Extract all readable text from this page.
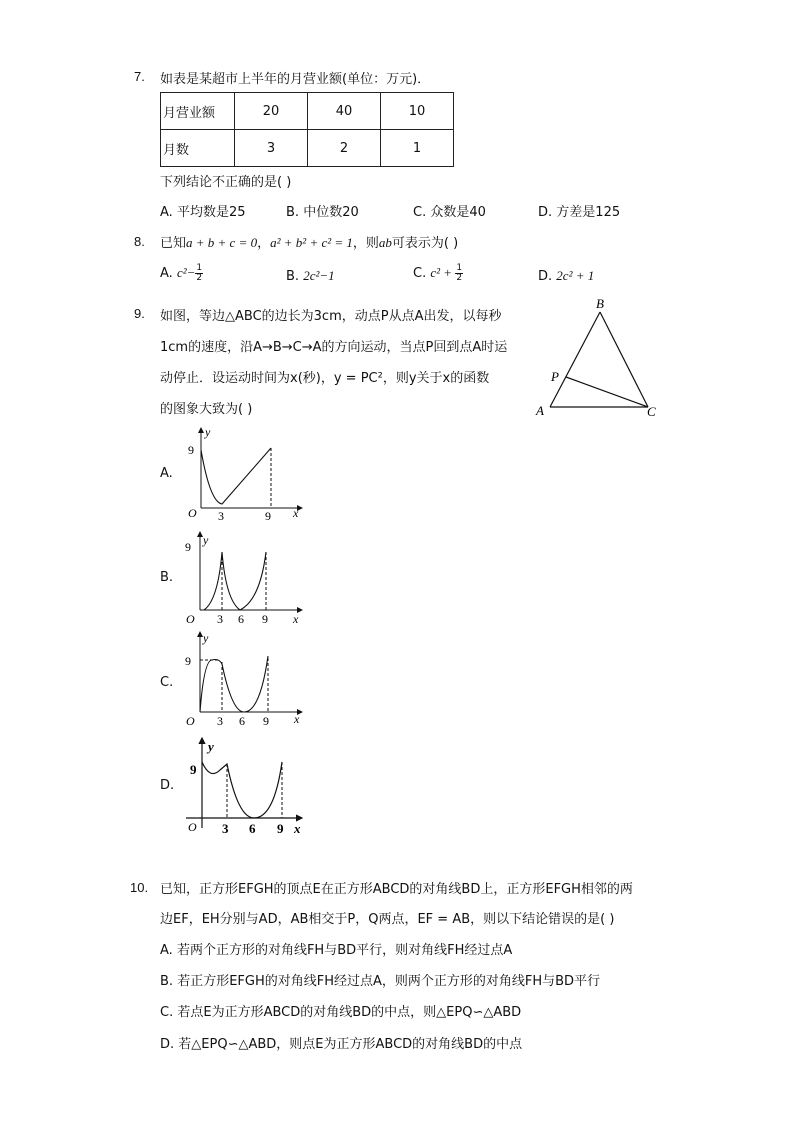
7. 如表是某超市上半年的月营业额(单位：万元)．
月营业额	20	40	10
月数	3	2	1
下列结论不正确的是( )
A. 平均数是25	B. 中位数20	C. 众数是40	D. 方差是125
8. 已知a + b + c = 0，a² + b² + c² = 1，则ab可表示为( )
A. $c^2- \frac{1}{2}$	B. 2c²−1	C. $c^2 + \frac{1}{2}$	D. 2c² + 1
9. 如图，等边△ABC的边长为3cm，动点P从点A出发，以每秒
1cm的速度，沿A→B→C→A的方向运动，当点P回到点A时运
动停止．设运动时间为x(秒)，y = PC²，则y关于x的函数
的图象大致为( )
B
A	C
P
A.
y
9
O 3	9 x
B.
y
9
O 3 6 9 x
C.
y
9
O 3 6 9 x
D.
y
9
O 3 6 9 x
10. 已知，正方形EFGH的顶点E在正方形ABCD的对角线BD上，正方形EFGH相邻的两
边EF，EH分别与AD，AB相交于P，Q两点，EF = AB，则以下结论错误的是( )
A. 若两个正方形的对角线FH与BD平行，则对角线FH经过点A
B. 若正方形EFGH的对角线FH经过点A，则两个正方形的对角线FH与BD平行
C. 若点E为正方形ABCD的对角线BD的中点，则△EPQ∽△ABD
D. 若△EPQ∽△ABD，则点E为正方形ABCD的对角线BD的中点
